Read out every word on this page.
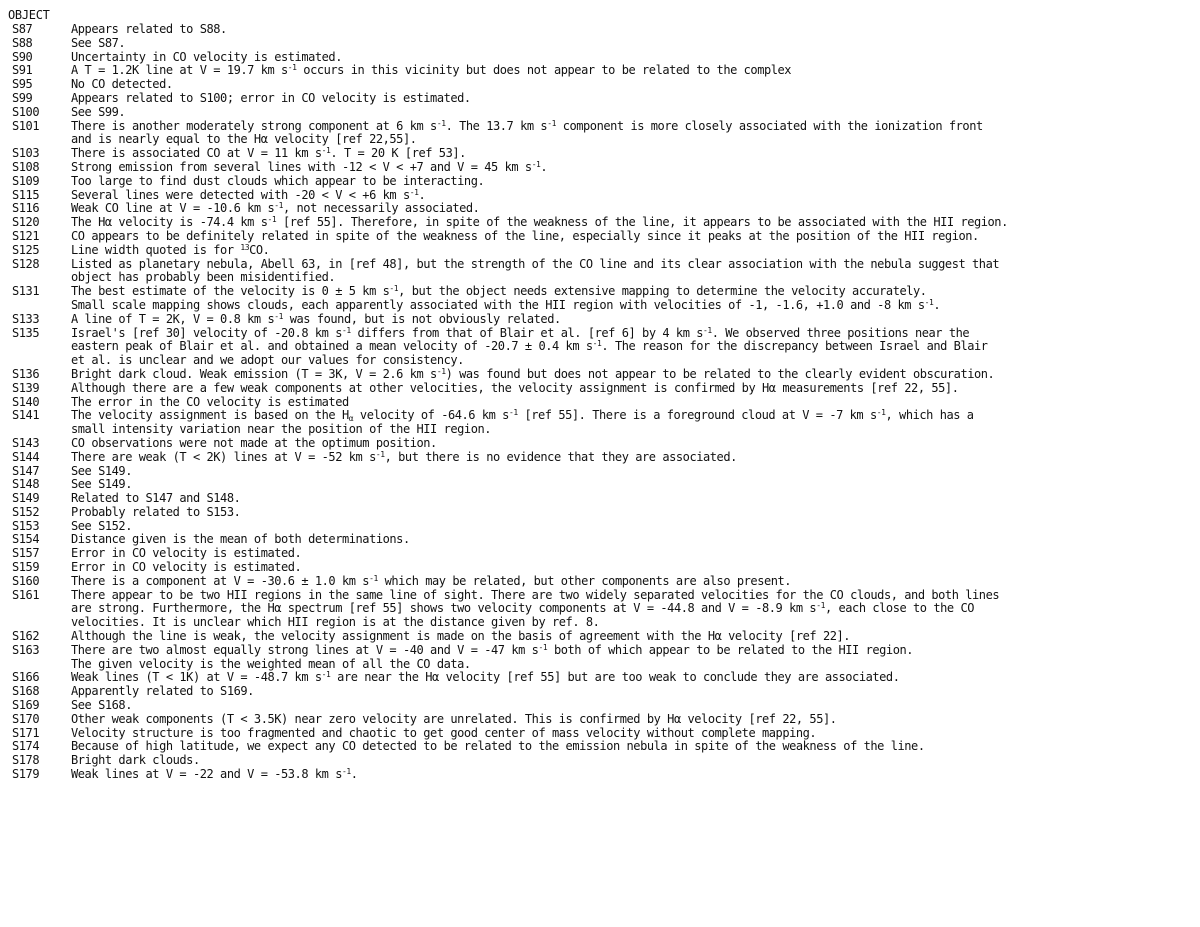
OBJECT
S87	Appears related to S88.
S88	See S87.
S90	Uncertainty in CO velocity is estimated.
S91	A T = 1.2K line at V = 19.7 km $s^{-1}$ occurs in this vicinity but does not appear to be related to the complex
S95	No CO detected.
S99	Appears related to S100; error in CO velocity is estimated.
S100	See S99.
S101	There is another moderately strong component at 6 km $s^{-1}$. The 13.7 km $s^{-1}$ component is more closely associated with the ionization front
and is nearly equal to the Hα velocity [ref 22,55].
S103	There is associated CO at V = 11 km $s^{-1}$. T = 20 K [ref 53].
S108	Strong emission from several lines with -12 < V < +7 and V = 45 km $s^{-1}$.
S109	Too large to find dust clouds which appear to be interacting.
S115	Several lines were detected with -20 < V < +6 km $s^{-1}$.
S116	Weak CO line at V = -10.6 km $s^{-1}$, not necessarily associated.
S120	The Hα velocity is -74.4 km $s^{-1}$ [ref 55]. Therefore, in spite of the weakness of the line, it appears to be associated with the HII region.
S121	CO appears to be definitely related in spite of the weakness of the line, especially since it peaks at the position of the HII region.
S125	Line width quoted is for $^{13}$CO.
S128	Listed as planetary nebula, Abell 63, in [ref 48], but the strength of the CO line and its clear association with the nebula suggest that
object has probably been misidentified.
S131	The best estimate of the velocity is 0 ± 5 km $s^{-1}$, but the object needs extensive mapping to determine the velocity accurately.
Small scale mapping shows clouds, each apparently associated with the HII region with velocities of -1, -1.6, +1.0 and -8 km $s^{-1}$.
S133	A line of T = 2K, V = 0.8 km $s^{-1}$ was found, but is not obviously related.
S135	Israel's [ref 30] velocity of -20.8 km $s^{-1}$ differs from that of Blair et al. [ref 6] by 4 km $s^{-1}$. We observed three positions near the
eastern peak of Blair et al. and obtained a mean velocity of -20.7 ± 0.4 km $s^{-1}$. The reason for the discrepancy between Israel and Blair
et al. is unclear and we adopt our values for consistency.
S136	Bright dark cloud. Weak emission (T = 3K, V = 2.6 km $s^{-1}$) was found but does not appear to be related to the clearly evident obscuration.
S139	Although there are a few weak components at other velocities, the velocity assignment is confirmed by Hα measurements [ref 22, 55].
S140	The error in the CO velocity is estimated
S141	The velocity assignment is based on the $H_\alpha$ velocity of -64.6 km $s^{-1}$ [ref 55]. There is a foreground cloud at V = -7 km $s^{-1}$, which has a
small intensity variation near the position of the HII region.
S143	CO observations were not made at the optimum position.
S144	There are weak (T < 2K) lines at V = -52 km $s^{-1}$, but there is no evidence that they are associated.
S147	See S149.
S148	See S149.
S149	Related to S147 and S148.
S152	Probably related to S153.
S153	See S152.
S154	Distance given is the mean of both determinations.
S157	Error in CO velocity is estimated.
S159	Error in CO velocity is estimated.
S160	There is a component at V = -30.6 ± 1.0 km $s^{-1}$ which may be related, but other components are also present.
S161	There appear to be two HII regions in the same line of sight. There are two widely separated velocities for the CO clouds, and both lines
are strong. Furthermore, the Hα spectrum [ref 55] shows two velocity components at V = -44.8 and V = -8.9 km $s^{-1}$, each close to the CO
velocities. It is unclear which HII region is at the distance given by ref. 8.
S162	Although the line is weak, the velocity assignment is made on the basis of agreement with the Hα velocity [ref 22].
S163	There are two almost equally strong lines at V = -40 and V = -47 km $s^{-1}$ both of which appear to be related to the HII region.
The given velocity is the weighted mean of all the CO data.
S166	Weak lines (T < 1K) at V = -48.7 km $s^{-1}$ are near the Hα velocity [ref 55] but are too weak to conclude they are associated.
S168	Apparently related to S169.
S169	See S168.
S170	Other weak components (T < 3.5K) near zero velocity are unrelated. This is confirmed by Hα velocity [ref 22, 55].
S171	Velocity structure is too fragmented and chaotic to get good center of mass velocity without complete mapping.
S174	Because of high latitude, we expect any CO detected to be related to the emission nebula in spite of the weakness of the line.
S178	Bright dark clouds.
S179	Weak lines at V = -22 and V = -53.8 km $s^{-1}$.
